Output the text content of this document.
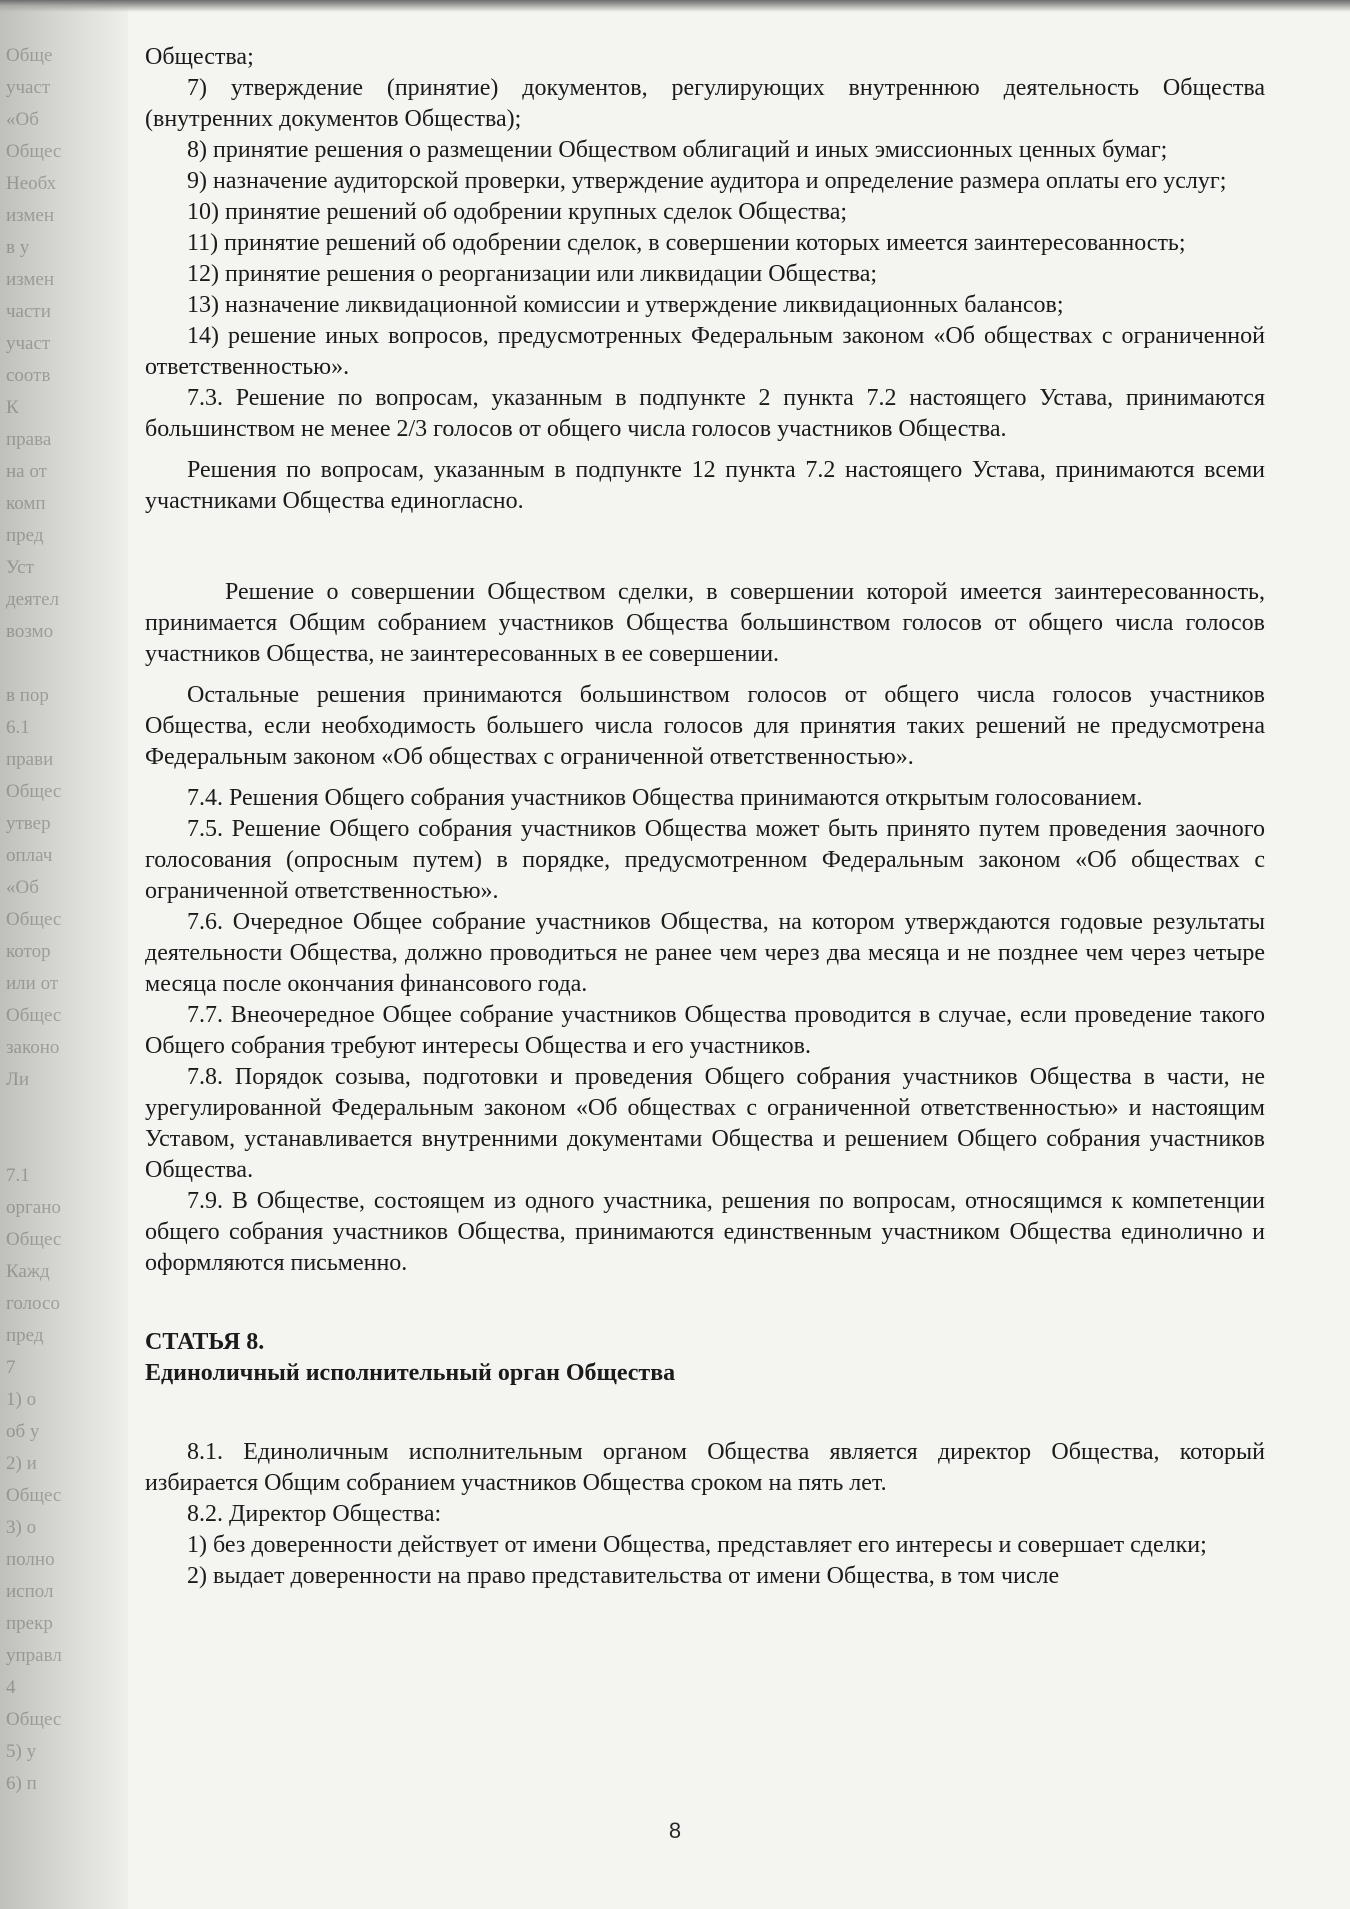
Обще
участ
«Об
Общес
Необх
измен
в у
измен
части
участ
соотв
К
права
на от
комп
пред
Уст
деятел
возмо

в пор
6.1
прави
Общес
утвер
оплач
«Об
Общес
котор
или от
Общес
законо
Ли

7.1
органо
Общес
Кажд
голосо
пред
7
1) о
об у
2) и
Общес
3) о
полно
испол
прекр
управл
4
Общес
5) у
6) п

Общества;

7) утверждение (принятие) документов, регулирующих внутреннюю деятельность Общества (внутренних документов Общества);

8) принятие решения о размещении Обществом облигаций и иных эмиссионных ценных бумаг;

9) назначение аудиторской проверки, утверждение аудитора и определение размера оплаты его услуг;

10) принятие решений об одобрении крупных сделок Общества;

11) принятие решений об одобрении сделок, в совершении которых имеется заинтересованность;

12) принятие решения о реорганизации или ликвидации Общества;

13) назначение ликвидационной комиссии и утверждение ликвидационных балансов;

14) решение иных вопросов, предусмотренных Федеральным законом «Об обществах с ограниченной ответственностью».

7.3. Решение по вопросам, указанным в подпункте 2 пункта 7.2 настоящего Устава, принимаются большинством не менее 2/3 голосов от общего числа голосов участников Общества.

Решения по вопросам, указанным в подпункте 12 пункта 7.2 настоящего Устава, принимаются всеми участниками Общества единогласно.

Решение о совершении Обществом сделки, в совершении которой имеется заинтересованность, принимается Общим собранием участников Общества большинством голосов от общего числа голосов участников Общества, не заинтересованных в ее совершении.

Остальные решения принимаются большинством голосов от общего числа голосов участников Общества, если необходимость большего числа голосов для принятия таких решений не предусмотрена Федеральным законом «Об обществах с ограниченной ответственностью».

7.4. Решения Общего собрания участников Общества принимаются открытым голосованием.

7.5. Решение Общего собрания участников Общества может быть принято путем проведения заочного голосования (опросным путем) в порядке, предусмотренном Федеральным законом «Об обществах с ограниченной ответственностью».

7.6. Очередное Общее собрание участников Общества, на котором утверждаются годовые результаты деятельности Общества, должно проводиться не ранее чем через два месяца и не позднее чем через четыре месяца после окончания финансового года.

7.7. Внеочередное Общее собрание участников Общества проводится в случае, если проведение такого Общего собрания требуют интересы Общества и его участников.

7.8. Порядок созыва, подготовки и проведения Общего собрания участников Общества в части, не урегулированной Федеральным законом «Об обществах с ограниченной ответственностью» и настоящим Уставом, устанавливается внутренними документами Общества и решением Общего собрания участников Общества.

7.9. В Обществе, состоящем из одного участника, решения по вопросам, относящимся к компетенции общего собрания участников Общества, принимаются единственным участником Общества единолично и оформляются письменно.

СТАТЬЯ 8.

Единоличный исполнительный орган Общества

8.1. Единоличным исполнительным органом Общества является директор Общества, который избирается Общим собранием участников Общества сроком на пять лет.

8.2. Директор Общества:

1) без доверенности действует от имени Общества, представляет его интересы и совершает сделки;

2) выдает доверенности на право представительства от имени Общества, в том числе

8
